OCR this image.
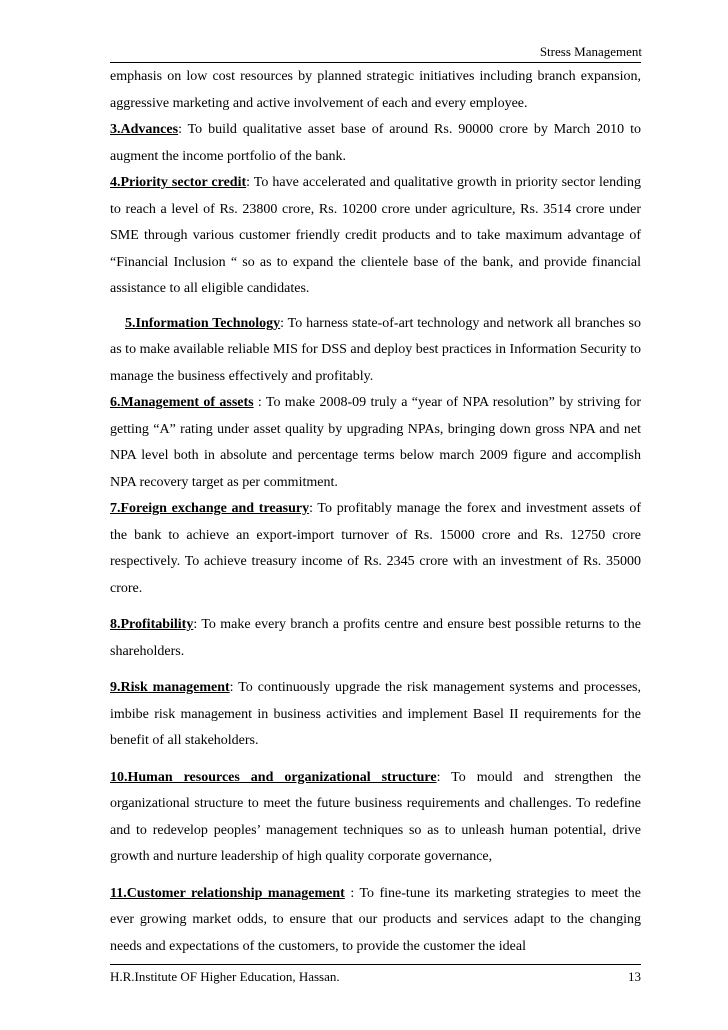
Stress Management

emphasis on low cost resources by planned strategic initiatives including branch expansion, aggressive marketing and active involvement of each and every employee.

3.Advances: To build qualitative asset base of around Rs. 90000 crore by March 2010 to augment the income portfolio of the bank.

4.Priority sector credit: To have accelerated and qualitative growth in priority sector lending to reach a level of Rs. 23800 crore, Rs. 10200 crore under agriculture, Rs. 3514 crore under SME through various customer friendly credit products and to take maximum advantage of “Financial Inclusion “ so as to expand the clientele base of the bank, and provide financial assistance to all eligible candidates.

5.Information Technology: To harness state-of-art technology and network all branches so as to make available reliable MIS for DSS and deploy best practices in Information Security to manage the business effectively and profitably.

6.Management of assets : To make 2008-09 truly a “year of NPA resolution” by striving for getting “A” rating under asset quality by upgrading NPAs, bringing down gross NPA and net NPA level both in absolute and percentage terms below march 2009 figure and accomplish NPA recovery target as per commitment.

7.Foreign exchange and treasury: To profitably manage the forex and investment assets of the bank to achieve an export-import turnover of Rs. 15000 crore and Rs. 12750 crore respectively. To achieve treasury income of Rs. 2345 crore with an investment of Rs. 35000 crore.

8.Profitability: To make every branch a profits centre and ensure best possible returns to the shareholders.

9.Risk management: To continuously upgrade the risk management systems and processes, imbibe risk management in business activities and implement Basel II requirements for the benefit of all stakeholders.

10.Human resources and organizational structure: To mould and strengthen the organizational structure to meet the future business requirements and challenges. To redefine and to redevelop peoples’ management techniques so as to unleash human potential, drive growth and nurture leadership of high quality corporate governance,

11.Customer relationship management : To fine-tune its marketing strategies to meet the ever growing market odds, to ensure that our products and services adapt to the changing needs and expectations of the customers, to provide the customer the ideal

H.R.Institute OF Higher Education, Hassan.	13
